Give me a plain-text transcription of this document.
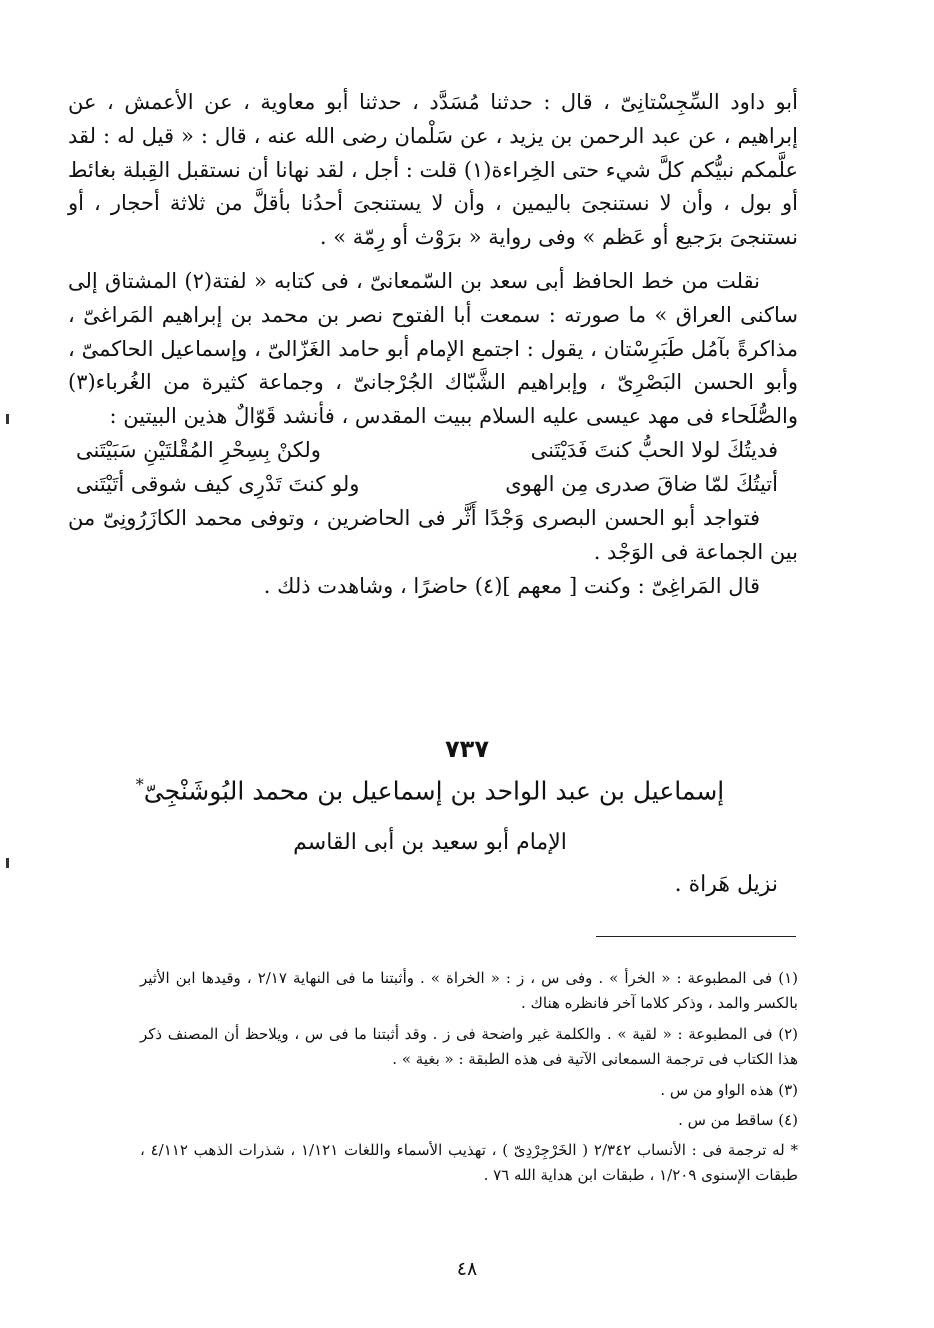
أبو داود السِّجِسْتانِىّ ، قال : حدثنا مُسَدَّد ، حدثنا أبو معاوية ، عن الأعمش ، عن إبراهيم ، عن عبد الرحمن بن يزيد ، عن سَلْمان رضى الله عنه ، قال : « قيل له : لقد علَّمكم نبيُّكم كلَّ شيء حتى الخِراءة(١) قلت : أجل ، لقد نهانا أن نستقبل القِبلة بغائط أو بول ، وأن لا نستنجىَ باليمين ، وأن لا يستنجىَ أحدُنا بأقلَّ من ثلاثة أحجار ، أو نستنجىَ برَجيع أو عَظم » وفى رواية « برَوْث أو رِمّة » .

نقلت من خط الحافظ أبى سعد بن السّمعانىّ ، فى كتابه « لفتة(٢) المشتاق إلى ساكنى العراق » ما صورته : سمعت أبا الفتوح نصر بن محمد بن إبراهيم المَراغىّ ، مذاكرةً بآمُل طَبَرِسْتان ، يقول : اجتمع الإمام أبو حامد الغَزّالىّ ، وإسماعيل الحاكمىّ ، وأبو الحسن البَصْرِىّ ، وإبراهيم الشَّبّاك الجُرْجانىّ ، وجماعة كثيرة من الغُرباء(٣) والصُّلَحاء فى مهد عيسى عليه السلام ببيت المقدس ، فأنشد قَوّالٌ هذين البيتين :

فديتُكَ لولا الحبُّ كنتَ فَدَيْتَنى
ولكنْ بِسِحْرِ المُقْلتَيْنِ سَبَيْتَنى
أتيتُكَ لمّا ضاقَ صدرى مِن الهوى
ولو كنتَ تَدْرِى كيف شوقى أتَيْتَنى

فتواجد أبو الحسن البصرى وَجْدًا أَثَّر فى الحاضرين ، وتوفى محمد الكازَرُونِىّ من بين الجماعة فى الوَجْد .

قال المَراغِىّ : وكنت [ معهم ](٤) حاضرًا ، وشاهدت ذلك .

٧٣٧
إسماعيل بن عبد الواحد بن إسماعيل بن محمد البُوشَنْجِىّ*
الإمام أبو سعيد بن أبى القاسم
نزيل هَراة .

(١) فى المطبوعة : « الخرأ » . وفى س ، ز : « الخراة » . وأثبتنا ما فى النهاية ٢/١٧ ، وقيدها ابن الأثير بالكسر والمد ، وذكر كلاما آخر فانظره هناك .

(٢) فى المطبوعة : « لقية » . والكلمة غير واضحة فى ز . وقد أثبتنا ما فى س ، ويلاحظ أن المصنف ذكر هذا الكتاب فى ترجمة السمعانى الآتية فى هذه الطبقة : « بغية » .

(٣) هذه الواو من س .

(٤) ساقط من س .

* له ترجمة فى : الأنساب ٢/٣٤٢ ( الخَرْجِرْدِىّ ) ، تهذيب الأسماء واللغات ١/١٢١ ، شذرات الذهب ٤/١١٢ ، طبقات الإسنوى ١/٢٠٩ ، طبقات ابن هداية الله ٧٦ .

٤٨
